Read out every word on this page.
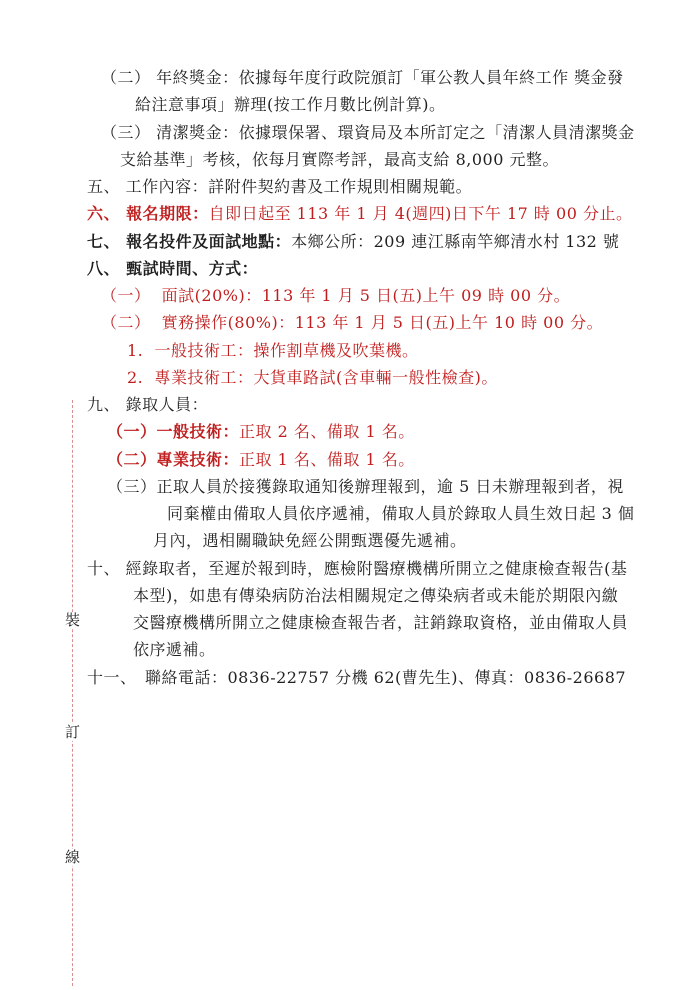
裝
訂
線
（二） 年終獎金：依據每年度行政院頒訂「軍公教人員年終工作 獎金發
給注意事項」辦理(按工作月數比例計算)。
（三） 清潔獎金：依據環保署、環資局及本所訂定之「清潔人員清潔獎金
支給基準」考核，依每月實際考評，最高支給 8,000 元整。
五、 工作內容：詳附件契約書及工作規則相關規範。
六、 報名期限：自即日起至 113 年 1 月 4(週四)日下午 17 時 00 分止。
七、 報名投件及面試地點：本鄉公所：209 連江縣南竿鄉清水村 132 號
八、 甄試時間、方式：
（一）  面試(20%)：113 年 1 月 5 日(五)上午 09 時 00 分。
（二）  實務操作(80%)：113 年 1 月 5 日(五)上午 10 時 00 分。
1.  一般技術工：操作割草機及吹葉機。
2.  專業技術工：大貨車路試(含車輛一般性檢查)。
九、 錄取人員：
（一）一般技術：正取 2 名、備取 1 名。
（二）專業技術：正取 1 名、備取 1 名。
（三）正取人員於接獲錄取通知後辦理報到，逾 5 日未辦理報到者，視
同棄權由備取人員依序遞補，備取人員於錄取人員生效日起 3 個
月內，遇相關職缺免經公開甄選優先遞補。
十、 經錄取者，至遲於報到時，應檢附醫療機構所開立之健康檢查報告(基
本型)，如患有傳染病防治法相關規定之傳染病者或未能於期限內繳
交醫療機構所開立之健康檢查報告者，註銷錄取資格，並由備取人員
依序遞補。
十一、　聯絡電話：0836-22757 分機 62(曹先生)、傳真：0836-26687
